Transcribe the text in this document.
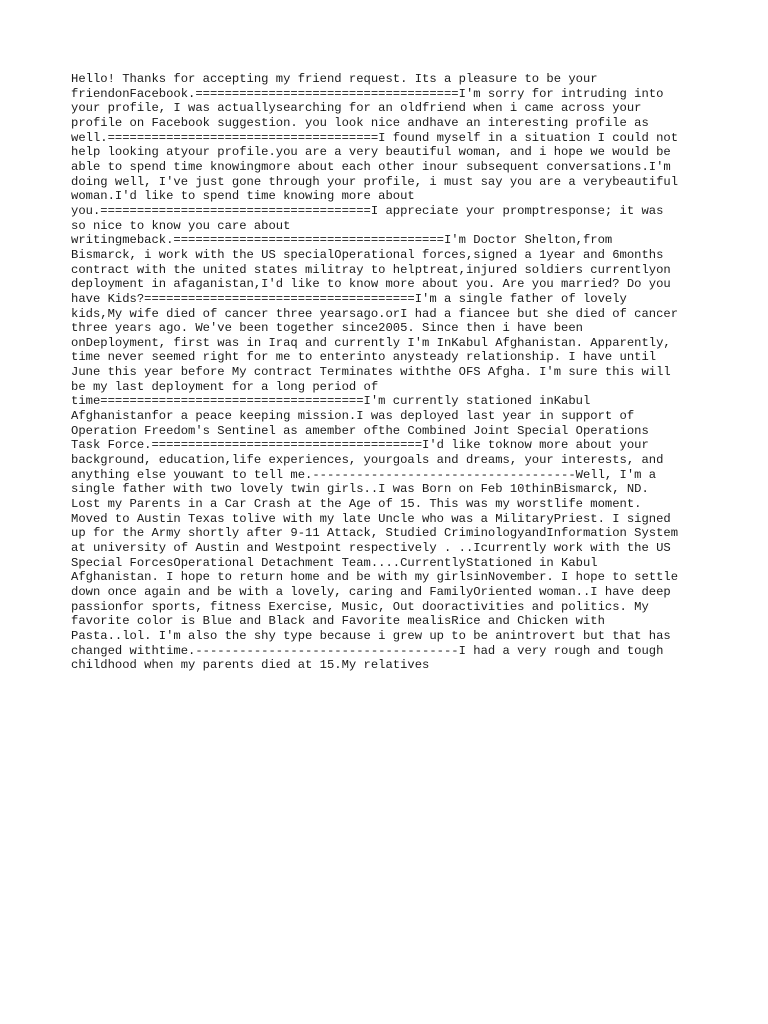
Hello! Thanks for accepting my friend request. Its a pleasure to be your
friendonFacebook.====================================I'm sorry for intruding into
your profile, I was actuallysearching for an oldfriend when i came across your
profile on Facebook suggestion. you look nice andhave an interesting profile as
well.=====================================I found myself in a situation I could not
help looking atyour profile.you are a very beautiful woman, and i hope we would be
able to spend time knowingmore about each other inour subsequent conversations.I'm
doing well, I've just gone through your profile, i must say you are a verybeautiful
woman.I'd like to spend time knowing more about
you.=====================================I appreciate your promptresponse; it was
so nice to know you care about
writingmeback.=====================================I'm Doctor Shelton,from
Bismarck, i work with the US specialOperational forces,signed a 1year and 6months
contract with the united states militray to helptreat,injured soldiers currentlyon
deployment in afaganistan,I'd like to know more about you. Are you married? Do you
have Kids?=====================================I'm a single father of lovely
kids,My wife died of cancer three yearsago.orI had a fiancee but she died of cancer
three years ago. We've been together since2005. Since then i have been
onDeployment, first was in Iraq and currently I'm InKabul Afghanistan. Apparently,
time never seemed right for me to enterinto anysteady relationship. I have until
June this year before My contract Terminates withthe OFS Afgha. I'm sure this will
be my last deployment for a long period of
time====================================I'm currently stationed inKabul
Afghanistanfor a peace keeping mission.I was deployed last year in support of
Operation Freedom's Sentinel as amember ofthe Combined Joint Special Operations
Task Force.=====================================I'd like toknow more about your
background, education,life experiences, yourgoals and dreams, your interests, and
anything else youwant to tell me.------------------------------------Well, I'm a
single father with two lovely twin girls..I was Born on Feb 10thinBismarck, ND.
Lost my Parents in a Car Crash at the Age of 15. This was my worstlife moment.
Moved to Austin Texas tolive with my late Uncle who was a MilitaryPriest. I signed
up for the Army shortly after 9-11 Attack, Studied CriminologyandInformation System
at university of Austin and Westpoint respectively . ..Icurrently work with the US
Special ForcesOperational Detachment Team....CurrentlyStationed in Kabul
Afghanistan. I hope to return home and be with my girlsinNovember. I hope to settle
down once again and be with a lovely, caring and FamilyOriented woman..I have deep
passionfor sports, fitness Exercise, Music, Out dooractivities and politics. My
favorite color is Blue and Black and Favorite mealisRice and Chicken with
Pasta..lol. I'm also the shy type because i grew up to be anintrovert but that has
changed withtime.------------------------------------I had a very rough and tough
childhood when my parents died at 15.My relatives
